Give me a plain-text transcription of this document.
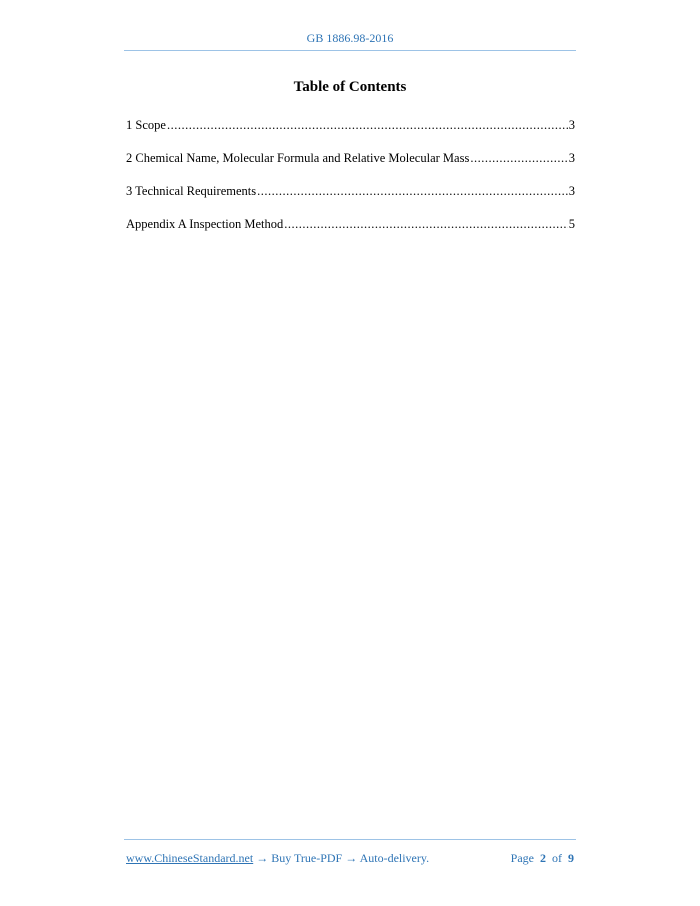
GB 1886.98-2016
Table of Contents
1 Scope .....	3
2 Chemical Name, Molecular Formula and Relative Molecular Mass .....	3
3 Technical Requirements .....	3
Appendix A Inspection Method .....	5
www.ChineseStandard.net → Buy True-PDF → Auto-delivery.	Page 2 of 9
